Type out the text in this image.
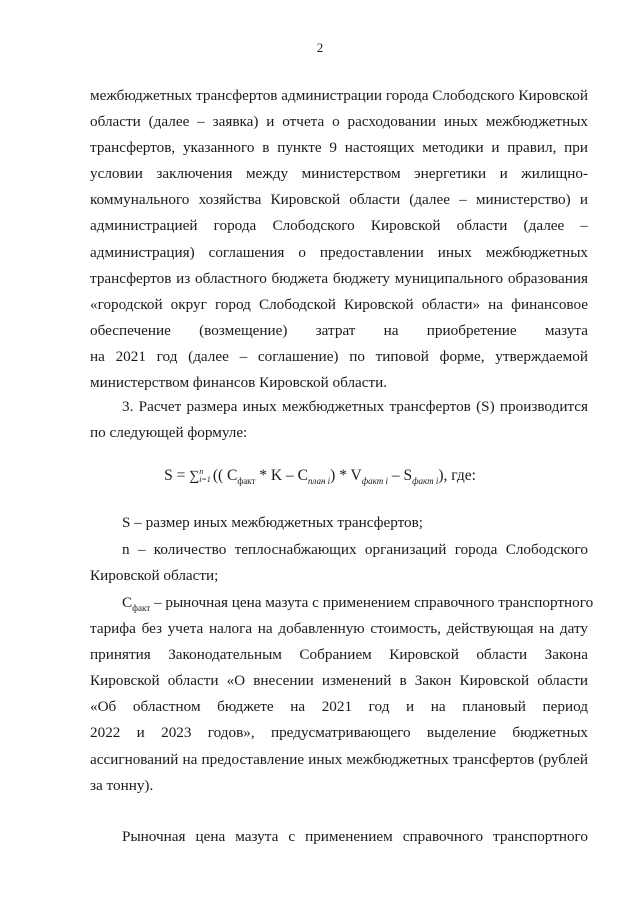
2
межбюджетных трансфертов администрации города Слободского Кировской
области (далее – заявка) и отчета о расходовании иных межбюджетных
трансфертов, указанного в пункте 9 настоящих методики и правил, при
условии заключения между министерством энергетики и жилищно-
коммунального хозяйства Кировской области (далее – министерство) и
администрацией города Слободского Кировской области (далее –
администрация) соглашения о предоставлении иных межбюджетных
трансфертов из областного бюджета бюджету муниципального образования
«городской округ город Слободской Кировской области» на финансовое
обеспечение (возмещение) затрат на приобретение мазута
на 2021 год (далее – соглашение) по типовой форме, утверждаемой
министерством финансов Кировской области.
3. Расчет размера иных межбюджетных трансфертов (S) производится
по следующей формуле:
S = ∑n
i=1 (( $C_{факт}$ * K – $C_{план i}) * V_{факт i} - S_{факт i}$), где:
S – размер иных межбюджетных трансфертов;
n – количество теплоснабжающих организаций города Слободского
Кировской области;
$C_{факт}$ – рыночная цена мазута с применением справочного транспортного
тарифа без учета налога на добавленную стоимость, действующая на дату
принятия Законодательным Собранием Кировской области Закона
Кировской области «О внесении изменений в Закон Кировской области
«Об областном бюджете на 2021 год и на плановый период
2022 и 2023 годов», предусматривающего выделение бюджетных
ассигнований на предоставление иных межбюджетных трансфертов (рублей
за тонну).
Рыночная цена мазута с применением справочного транспортного
